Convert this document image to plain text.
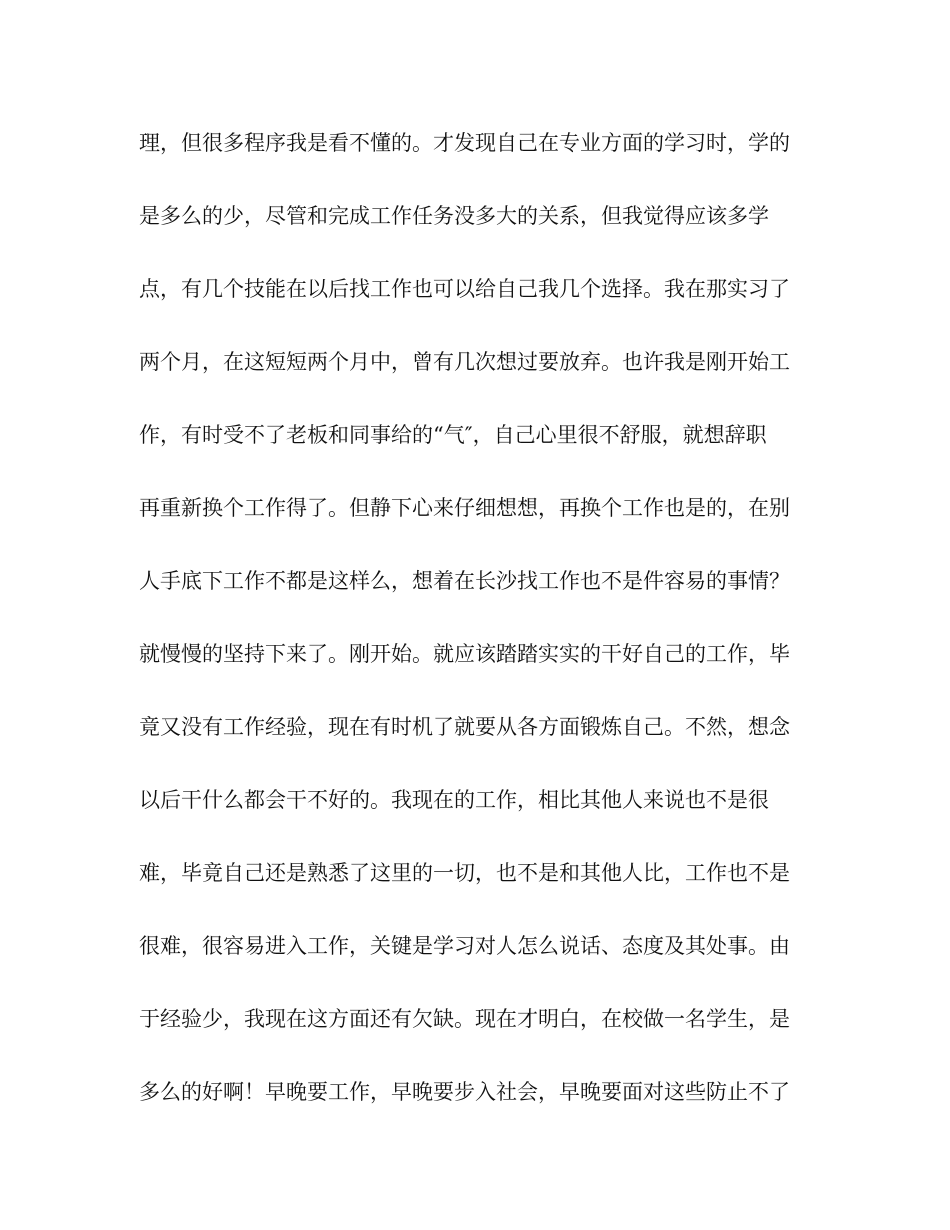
理，但很多程序我是看不懂的。才发现自己在专业方面的学习时，学的
是多么的少，尽管和完成工作任务没多大的关系，但我觉得应该多学
点，有几个技能在以后找工作也可以给自己我几个选择。我在那实习了
两个月，在这短短两个月中，曾有几次想过要放弃。也许我是刚开始工
作，有时受不了老板和同事给的“气″，自己心里很不舒服，就想辞职
再重新换个工作得了。但静下心来仔细想想，再换个工作也是的，在别
人手底下工作不都是这样么，想着在长沙找工作也不是件容易的事情？
就慢慢的坚持下来了。刚开始。就应该踏踏实实的干好自己的工作，毕
竟又没有工作经验，现在有时机了就要从各方面锻炼自己。不然，想念
以后干什么都会干不好的。我现在的工作，相比其他人来说也不是很
难，毕竟自己还是熟悉了这里的一切，也不是和其他人比，工作也不是
很难，很容易进入工作，关键是学习对人怎么说话、态度及其处事。由
于经验少，我现在这方面还有欠缺。现在才明白，在校做一名学生，是
多么的好啊！早晚要工作，早晚要步入社会，早晚要面对这些防止不了
